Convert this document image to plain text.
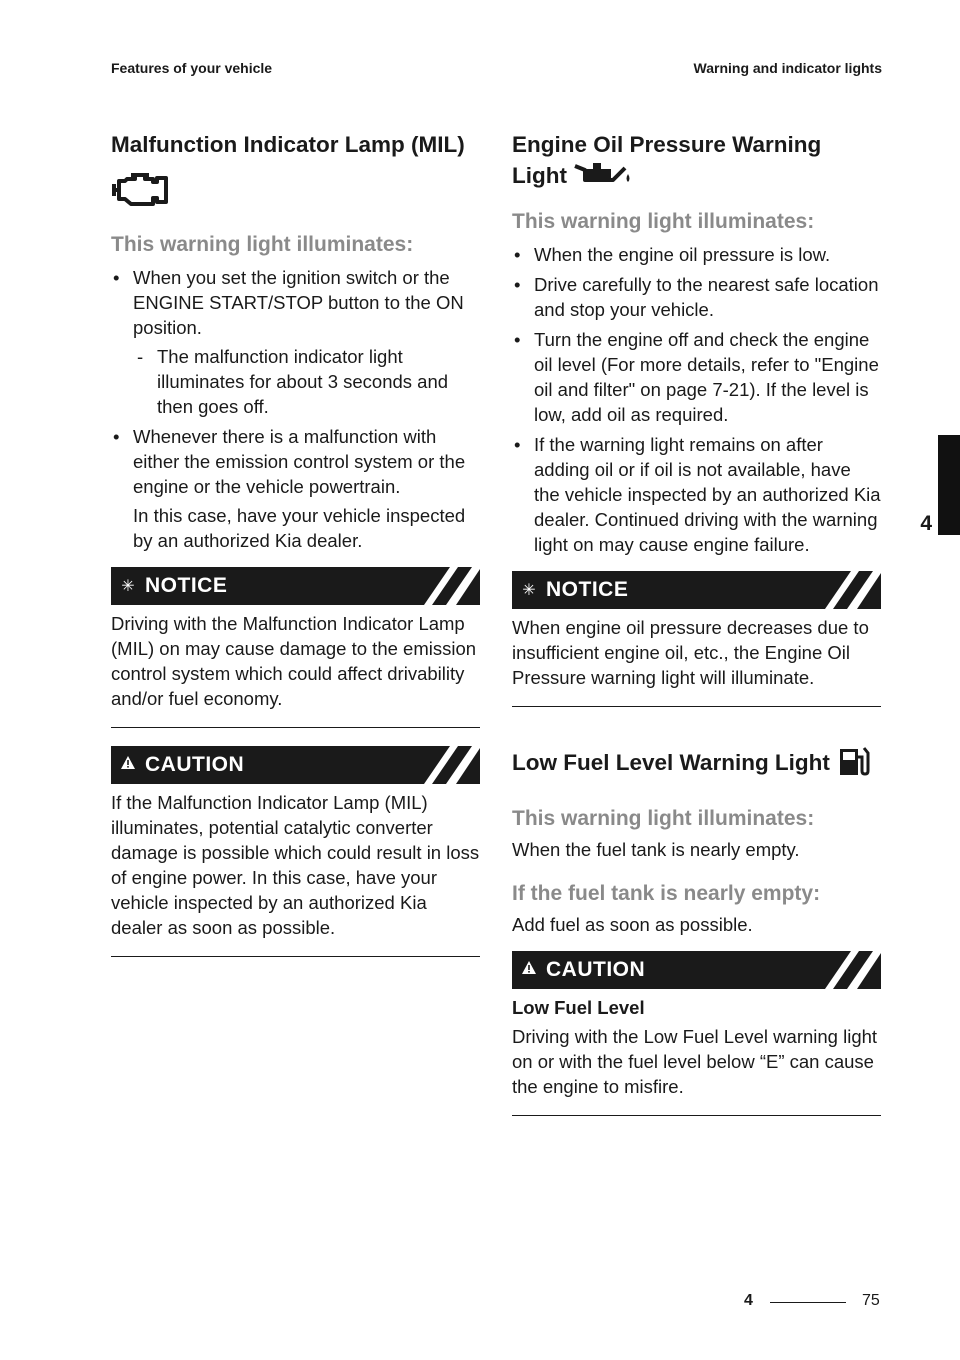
Features of your vehicle	Warning and indicator lights
4
Malfunction Indicator Lamp (MIL)
This warning light illuminates:
• When you set the ignition switch or the ENGINE START/STOP button to the ON position.
- The malfunction indicator light illuminates for about 3 seconds and then goes off.
• Whenever there is a malfunction with either the emission control system or the engine or the vehicle powertrain.

In this case, have your vehicle inspected by an authorized Kia dealer.

✳ NOTICE

Driving with the Malfunction Indicator Lamp (MIL) on may cause damage to the emission control system which could affect drivability and/or fuel economy.

CAUTION

If the Malfunction Indicator Lamp (MIL) illuminates, potential catalytic converter damage is possible which could result in loss of engine power. In this case, have your vehicle inspected by an authorized Kia dealer as soon as possible.

Engine Oil Pressure Warning Light
This warning light illuminates:
• When the engine oil pressure is low.
• Drive carefully to the nearest safe location and stop your vehicle.
• Turn the engine off and check the engine oil level (For more details, refer to "Engine oil and filter" on page 7-21). If the level is low, add oil as required.
• If the warning light remains on after adding oil or if oil is not available, have the vehicle inspected by an authorized Kia dealer. Continued driving with the warning light on may cause engine failure.
✳ NOTICE

When engine oil pressure decreases due to insufficient engine oil, etc., the Engine Oil Pressure warning light will illuminate.

Low Fuel Level Warning Light
This warning light illuminates:

When the fuel tank is nearly empty.

If the fuel tank is nearly empty:

Add fuel as soon as possible.

CAUTION

Low Fuel Level

Driving with the Low Fuel Level warning light on or with the fuel level below “E” can cause the engine to misfire.

4	75
